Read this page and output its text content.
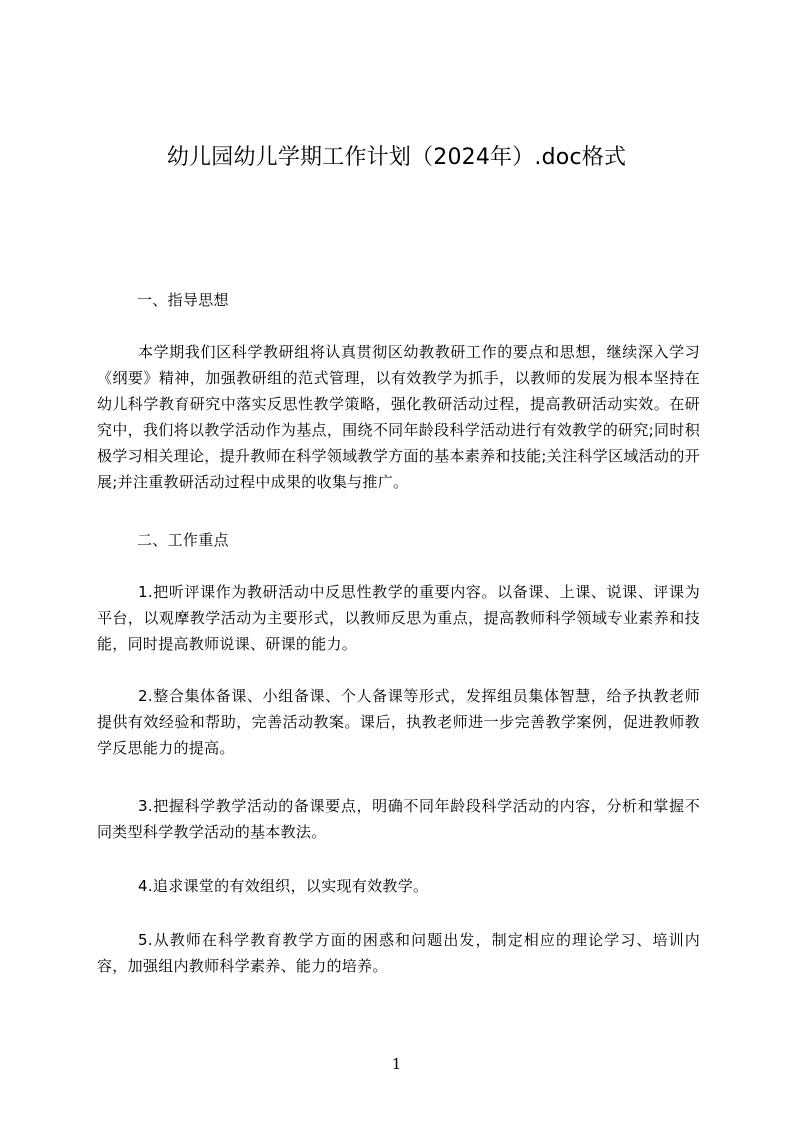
幼儿园幼儿学期工作计划（2024年）.doc格式
一、指导思想

本学期我们区科学教研组将认真贯彻区幼教教研工作的要点和思想，继续深入学习《纲要》精神，加强教研组的范式管理，以有效教学为抓手，以教师的发展为根本坚持在幼儿科学教育研究中落实反思性教学策略，强化教研活动过程，提高教研活动实效。在研究中，我们将以教学活动作为基点，围绕不同年龄段科学活动进行有效教学的研究;同时积极学习相关理论，提升教师在科学领域教学方面的基本素养和技能;关注科学区域活动的开展;并注重教研活动过程中成果的收集与推广。

二、工作重点

1.把听评课作为教研活动中反思性教学的重要内容。以备课、上课、说课、评课为平台，以观摩教学活动为主要形式，以教师反思为重点，提高教师科学领域专业素养和技能，同时提高教师说课、研课的能力。

2.整合集体备课、小组备课、个人备课等形式，发挥组员集体智慧，给予执教老师提供有效经验和帮助，完善活动教案。课后，执教老师进一步完善教学案例，促进教师教学反思能力的提高。

3.把握科学教学活动的备课要点，明确不同年龄段科学活动的内容，分析和掌握不同类型科学教学活动的基本教法。

4.追求课堂的有效组织，以实现有效教学。

5.从教师在科学教育教学方面的困惑和问题出发，制定相应的理论学习、培训内容，加强组内教师科学素养、能力的培养。

1
